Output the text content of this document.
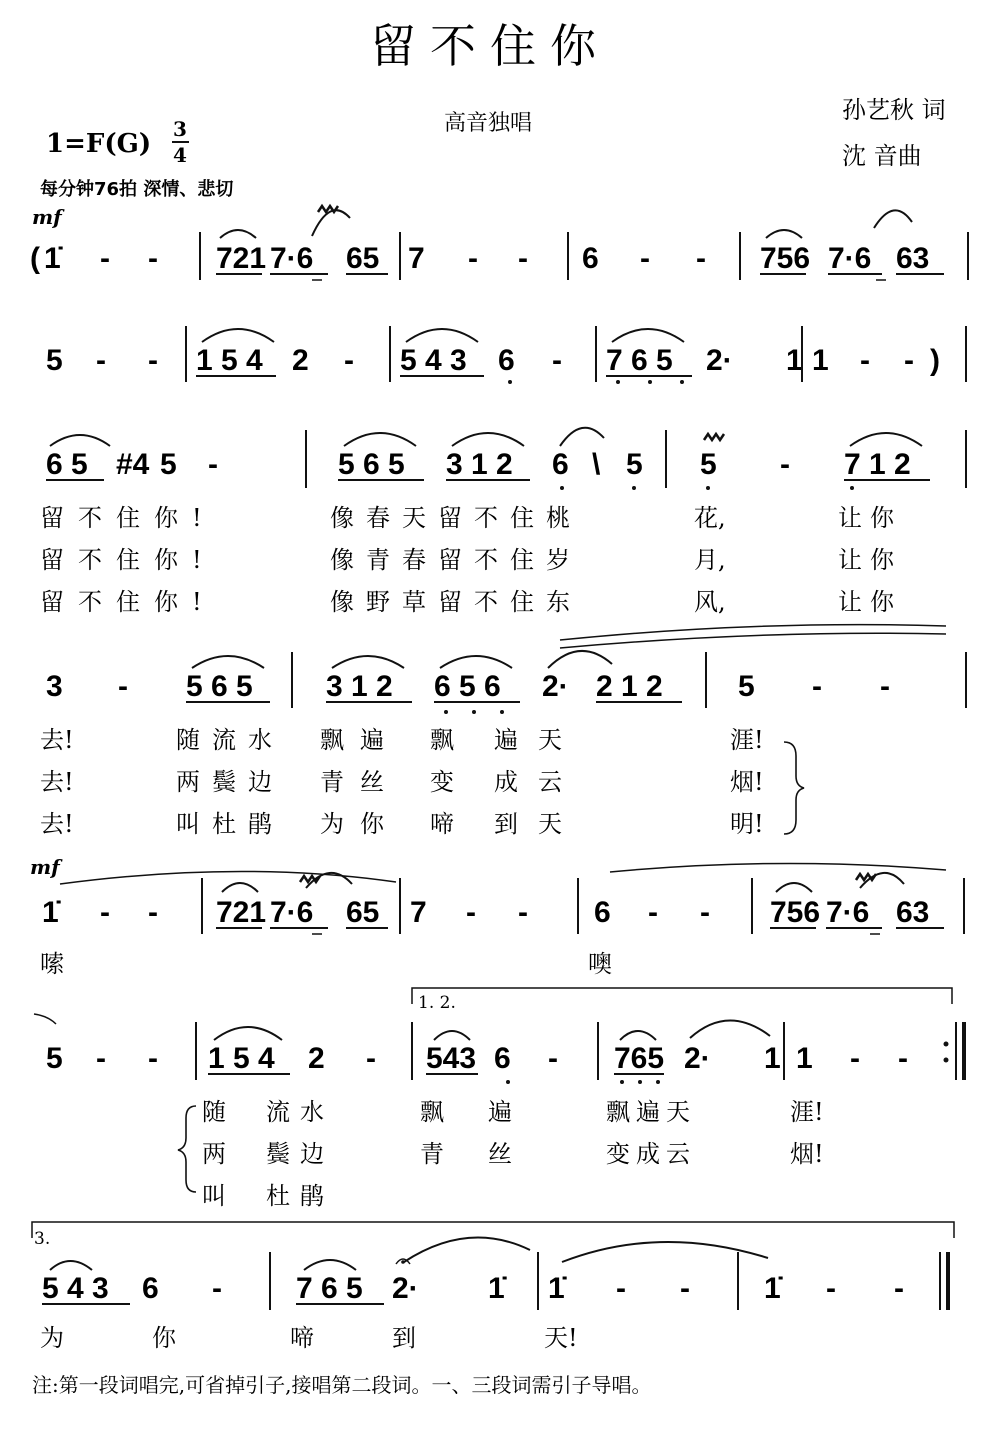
留不住你
高音独唱	孙艺秋 词
沈 音曲
1=F(G) 3
4
每分钟76拍 深情、悲切
mf
( 1̇ - - 721 7·6 65 7 - - 6 - - 756 7·6 63
5 - - 1 5 4 2 - 5 4 3 6 - 7 6 5 2· 1 1 - - )
6 5 #4 5 -	5 6 5 3 1 2 6 \ 5 5 - 7 1 2
留不住你!	像春天留不住桃	花,	让你
留不住你!	像青春留不住岁	月,	让你
留不住你!	像野草留不住东	风,	让你
3 - 5 6 5 3 1 2 6 5 6 2· 2 1 2	5 - -
去!	随流水 飘遍 飘 遍天	涯!
去!	两鬓边 青丝 变 成云	烟!
去!	叫杜鹃 为你 啼 到天	明!
mf
1̇ - - 721 7·6 65 7 - - 6 - - 756 7·6 63
嗦	噢
1. 2.
5 - - 1 5 4 2 - 543 6 - 765 2· 1 1 - -
随 流水	飘 遍	飘遍天	涯!
两 鬓边	青 丝	变成云	烟!
叫 杜鹃
3.
5 4 3 6 - 7 6 5 2· 1̇ 1̇ - - 1̇ - -
为	你	啼	到	天!
注:第一段词唱完,可省掉引子,接唱第二段词。一、三段词需引子导唱。
